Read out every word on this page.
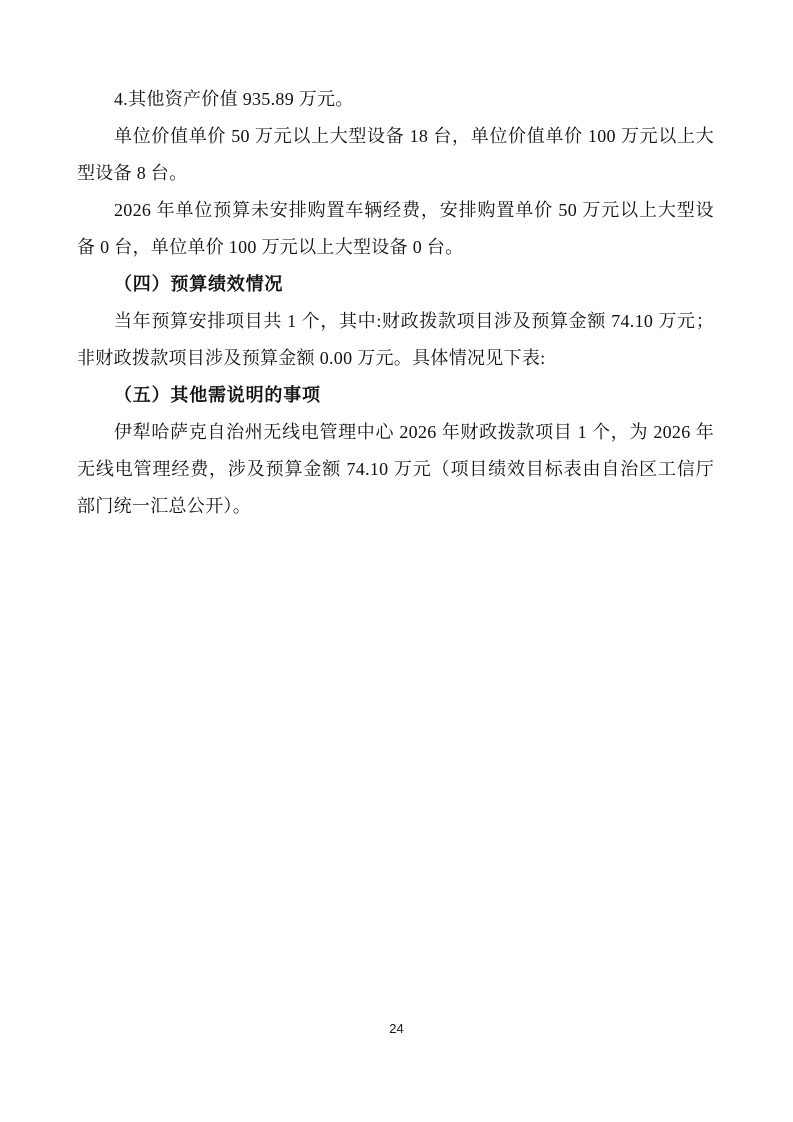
4.其他资产价值 935.89 万元。
单位价值单价 50 万元以上大型设备 18 台，单位价值单价 100 万元以上大
型设备 8 台。
2026 年单位预算未安排购置车辆经费，安排购置单价 50 万元以上大型设
备 0 台，单位单价 100 万元以上大型设备 0 台。
（四）预算绩效情况
当年预算安排项目共 1 个，其中:财政拨款项目涉及预算金额 74.10 万元；
非财政拨款项目涉及预算金额 0.00 万元。具体情况见下表:
（五）其他需说明的事项
伊犁哈萨克自治州无线电管理中心 2026 年财政拨款项目 1 个，为 2026 年
无线电管理经费，涉及预算金额 74.10 万元（项目绩效目标表由自治区工信厅
部门统一汇总公开）。
24
